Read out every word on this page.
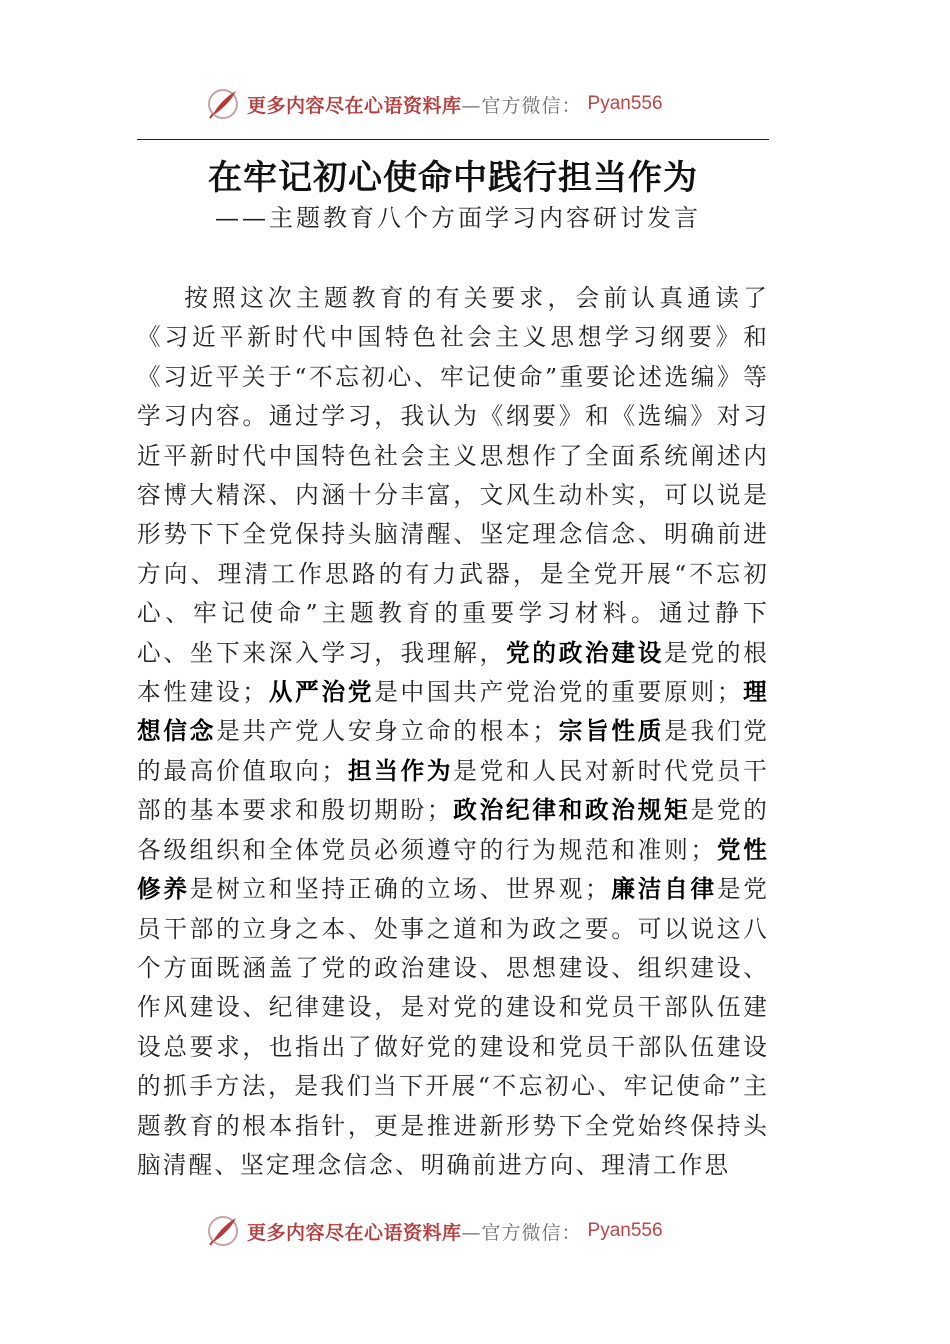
更多内容尽在心语资料库 —官方微信： Pyan556
在牢记初心使命中践行担当作为
——主题教育八个方面学习内容研讨发言

按照这次主题教育的有关要求，会前认真通读了《习近平新时代中国特色社会主义思想学习纲要》和《习近平关于“不忘初心、牢记使命”重要论述选编》等学习内容。通过学习，我认为《纲要》和《选编》对习近平新时代中国特色社会主义思想作了全面系统阐述内容博大精深、内涵十分丰富，文风生动朴实，可以说是形势下下全党保持头脑清醒、坚定理念信念、明确前进方向、理清工作思路的有力武器，是全党开展“不忘初心、牢记使命”主题教育的重要学习材料。通过静下心、坐下来深入学习，我理解，党的政治建设是党的根本性建设；从严治党是中国共产党治党的重要原则；理想信念是共产党人安身立命的根本；宗旨性质是我们党的最高价值取向；担当作为是党和人民对新时代党员干部的基本要求和殷切期盼；政治纪律和政治规矩是党的各级组织和全体党员必须遵守的行为规范和准则；党性修养是树立和坚持正确的立场、世界观；廉洁自律是党员干部的立身之本、处事之道和为政之要。可以说这八个方面既涵盖了党的政治建设、思想建设、组织建设、作风建设、纪律建设，是对党的建设和党员干部队伍建设总要求，也指出了做好党的建设和党员干部队伍建设的抓手方法，是我们当下开展“不忘初心、牢记使命”主题教育的根本指针，更是推进新形势下全党始终保持头脑清醒、坚定理念信念、明确前进方向、理清工作思

更多内容尽在心语资料库 —官方微信： Pyan556
